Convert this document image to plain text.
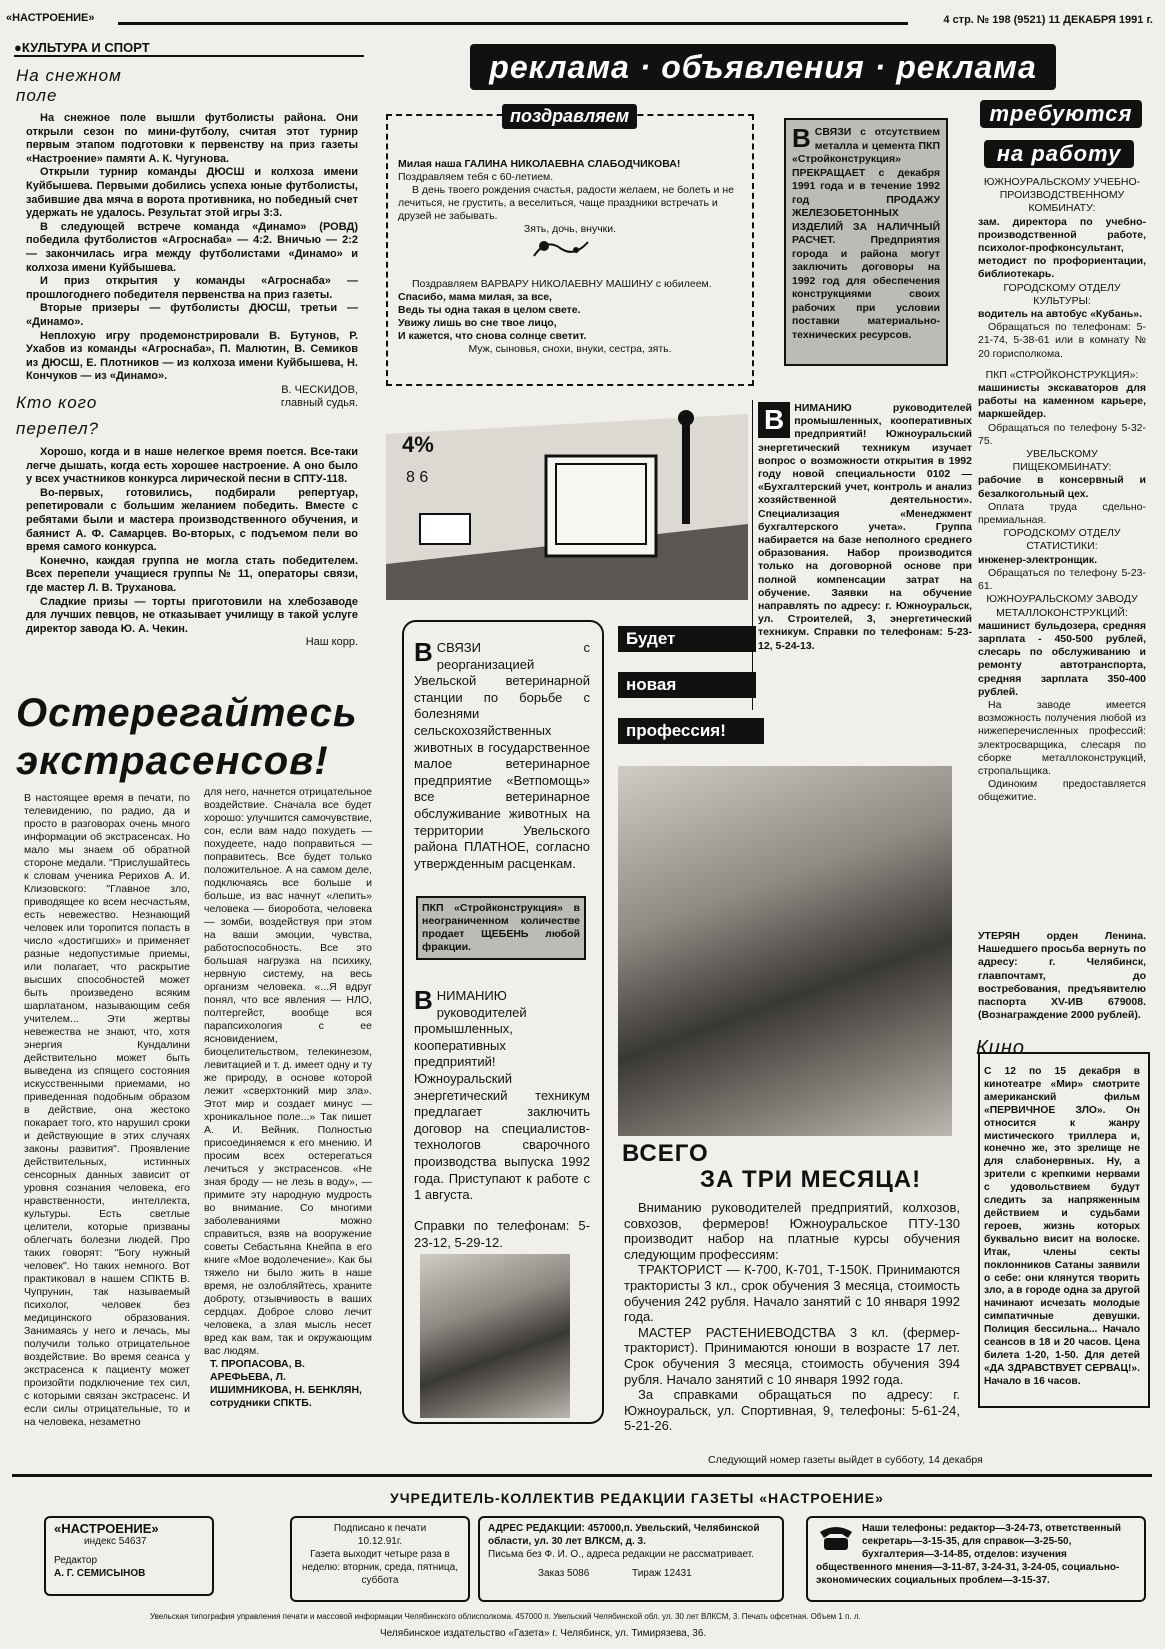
«НАСТРОЕНИЕ»	4 стр. № 198 (9521) 11 ДЕКАБРЯ 1991 г.
●КУЛЬТУРА И СПОРТ
На снежном поле

На снежное поле вышли футболисты района. Они открыли сезон по мини-футболу, считая этот турнир первым этапом подготовки к первенству на приз газеты «Настроение» памяти А. К. Чугунова.

Открыли турнир команды ДЮСШ и колхоза имени Куйбышева. Первыми добились успеха юные футболисты, забившие два мяча в ворота противника, но победный счет удержать не удалось. Результат этой игры 3:3.

В следующей встрече команда «Динамо» (РОВД) победила футболистов «Агроснаба» — 4:2. Вничью — 2:2 — закончилась игра между футболистами «Динамо» и колхоза имени Куйбышева.

И приз открытия у команды «Агроснаба» — прошлогоднего победителя первенства на приз газеты.

Вторые призеры — футболисты ДЮСШ, третьи — «Динамо».

Неплохую игру продемонстрировали В. Бутунов, Р. Ухабов из команды «Агроснаба», П. Малютин, В. Семиков из ДЮСШ, Е. Плотников — из колхоза имени Куйбышева, Н. Кончуков — из «Динамо».

В. ЧЕСКИДОВ,
главный судья.
Кто кого перепел?

Хорошо, когда и в наше нелегкое время поется. Все-таки легче дышать, когда есть хорошее настроение. А оно было у всех участников конкурса лирической песни в СПТУ-118.

Во-первых, готовились, подбирали репертуар, репетировали с большим желанием победить. Вместе с ребятами были и мастера производственного обучения, и баянист А. Ф. Самарцев. Во-вторых, с подъемом пели во время самого конкурса.

Конечно, каждая группа не могла стать победителем. Всех перепели учащиеся группы № 11, операторы связи, где мастер Л. В. Труханова.

Сладкие призы — торты приготовили на хлебозаводе для лучших певцов, не отказывает училищу в такой услуге директор завода Ю. А. Чекин.

Наш корр.
Остерегайтесь
экстрасенсов!
В настоящее время в печати, по телевидению, по радио, да и просто в разговорах очень много информации об экстрасенсах. Но мало мы знаем об обратной стороне медали. "Прислушайтесь к словам ученика Рерихов А. И. Клизовского: "Главное зло, приводящее ко всем несчастьям, есть невежество. Незнающий человек или торопится попасть в число «достигших» и применяет разные недопустимые приемы, или полагает, что раскрытие высших способностей может быть произведено всяким шарлатаном, называющим себя учителем... Эти жертвы невежества не знают, что, хотя энергия Кундалини действительно может быть выведена из спящего состояния искусственными приемами, но приведенная подобным образом в действие, она жестоко покарает того, кто нарушил сроки и действующие в этих случаях законы развития". Проявление действительных, истинных сенсорных данных зависит от уровня сознания человека, его нравственности, интеллекта, культуры. Есть светлые целители, которые призваны облегчать болезни людей. Про таких говорят: "Богу нужный человек". Но таких немного. Вот практиковал в нашем СПКТБ В. Чупрунин, так называемый психолог, человек без медицинского образования. Занимаясь у него и лечась, мы получили только отрицательное воздействие. Во время сеанса у экстрасенса к пациенту может произойти подключение тех сил, с которыми связан экстрасенс. И если силы отрицательные, то и на человека, незаметно
для него, начнется отрицательное воздействие. Сначала все будет хорошо: улучшится самочувствие, сон, если вам надо похудеть — похудеете, надо поправиться — поправитесь. Все будет только положительное. А на самом деле, подключаясь все больше и больше, из вас начнут «лепить» человека — биоробота, человека — зомби, воздействуя при этом на ваши эмоции, чувства, работоспособность. Все это большая нагрузка на психику, нервную систему, на весь организм человека. «...Я вдруг понял, что все явления — НЛО, полтергейст, вообще вся парапсихология с ее ясновидением, биоцелительством, телекинезом, левитацией и т. д. имеет одну и ту же природу, в основе которой лежит «сверхтонкий мир зла». Этот мир и создает минус —хроникальное поле...» Так пишет А. И. Вейник. Полностью присоединяемся к его мнению. И просим всех остерегаться лечиться у экстрасенсов. «Не зная броду — не лезь в воду», — примите эту народную мудрость во внимание. Со многими заболеваниями можно справиться, взяв на вооружение советы Себастьяна Кнейпа в его книге «Мое водолечение». Как бы тяжело ни было жить в наше время, не озлобляйтесь, храните доброту, отзывчивость в ваших сердцах. Доброе слово лечит человека, а злая мысль несет вред как вам, так и окружающим вас людям.
Т. ПРОПАСОВА, В. АРЕФЬЕВА, Л. ИШИМНИКОВА, Н. БЕНКЛЯН, сотрудники СПКТБ.
реклама · объявления · реклама
поздравляем
Милая наша ГАЛИНА НИКОЛАЕВНА СЛАБОДЧИКОВА!
Поздравляем тебя с 60-летием.
В день твоего рождения счастья, радости желаем, не болеть и не лечиться, не грустить, а веселиться, чаще праздники встречать и друзей не забывать.
Зять, дочь, внучки.
Поздравляем ВАРВАРУ НИКОЛАЕВНУ МАШИНУ с юбилеем.
Спасибо, мама милая, за все,
Ведь ты одна такая в целом свете.
Увижу лишь во сне твое лицо,
И кажется, что снова солнце светит.
Муж, сыновья, снохи, внуки, сестра, зять.
ВСВЯЗИ с отсутствием металла и цемента ПКП «Стройконструкция» ПРЕКРАЩАЕТ с декабря 1991 года и в течение 1992 год ПРОДАЖУ ЖЕЛЕЗОБЕТОННЫХ ИЗДЕЛИЙ ЗА НАЛИЧНЫЙ РАСЧЕТ. Предприятия города и района могут заключить договоры на 1992 год для обеспечения конструкциями своих рабочих при условии поставки материально-технических ресурсов.
требуются
на работу
ЮЖНОУРАЛЬСКОМУ УЧЕБНО-ПРОИЗВОДСТВЕННОМУ КОМБИНАТУ:
зам. директора по учебно-производственной работе, психолог-профконсультант, методист по профориентации, библиотекарь.
ГОРОДСКОМУ ОТДЕЛУ КУЛЬТУРЫ:
водитель на автобус «Кубань».
Обращаться по телефонам: 5-21-74, 5-38-61 или в комнату № 20 горисполкома.
ПКП «СТРОЙКОНСТРУКЦИЯ»:
машинисты экскаваторов для работы на каменном карьере, маркшейдер.
Обращаться по телефону 5-32-75.
УВЕЛЬСКОМУ ПИЩЕКОМБИНАТУ:
рабочие в консервный и безалкогольный цех.
Оплата труда сдельно-премиальная.
ГОРОДСКОМУ ОТДЕЛУ СТАТИСТИКИ:
инженер-электронщик.
Обращаться по телефону 5-23-61.
ЮЖНОУРАЛЬСКОМУ ЗАВОДУ МЕТАЛЛОКОНСТРУКЦИЙ:
машинист бульдозера, средняя зарплата - 450-500 рублей, слесарь по обслуживанию и ремонту автотранспорта, средняя зарплата 350-400 рублей.
На заводе имеется возможность получения любой из нижеперечисленных профессий: электросварщика, слесаря по сборке металлоконструкций, стропальщика.
Одиноким предоставляется общежитие.
УТЕРЯН орден Ленина. Нашедшего просьба вернуть по адресу: г. Челябинск, главпочтамт, до востребования, предъявителю паспорта XV-ИВ 679008. (Вознаграждение 2000 рублей).
Кино
С 12 по 15 декабря в кинотеатре «Мир» смотрите американский фильм «ПЕРВИЧНОЕ ЗЛО». Он относится к жанру мистического триллера и, конечно же, это зрелище не для слабонервных. Ну, а зрители с крепкими нервами с удовольствием будут следить за напряженным действием и судьбами героев, жизнь которых буквально висит на волоске. Итак, члены секты поклонников Сатаны заявили о себе: они клянутся творить зло, а в городе одна за другой начинают исчезать молодые симпатичные девушки. Полиция бессильна... Начало сеансов в 18 и 20 часов. Цена билета 1-20, 1-50. Для детей «ДА ЗДРАВСТВУЕТ СЕРВАЦ!». Начало в 16 часов.
4%
8 6
В НИМАНИЮ руководителей промышленных, кооперативных предприятий! Южноуральский энергетический техникум изучает вопрос о возможности открытия в 1992 году новой специальности 0102 — «Бухгалтерский учет, контроль и анализ хозяйственной деятельности». Специализация «Менеджмент бухгалтерского учета». Группа набирается на базе неполного среднего образования. Набор производится только на договорной основе при полной компенсации затрат на обучение. Заявки на обучение направлять по адресу: г. Южноуральск, ул. Строителей, 3, энергетический техникум. Справки по телефонам: 5-23-12, 5-24-13.
ВСВЯЗИ с реорганизацией Увельской ветеринарной станции по борьбе с болезнями сельскохозяйственных животных в государственное малое ветеринарное предприятие «Ветпомощь» все ветеринарное обслуживание животных на территории Увельского района ПЛАТНОЕ, согласно утвержденным расценкам.
ПКП «Стройконструкция» в неограниченном количестве продает ЩЕБЕНЬ любой фракции.
ВНИМАНИЮ руководителей промышленных, кооперативных предприятий! Южноуральский энергетический техникум предлагает заключить договор на специалистов-технологов сварочного производства выпуска 1992 года. Приступают к работе с 1 августа.
Справки по телефонам: 5-23-12, 5-29-12.
Будет
новая
профессия!
ВСЕГО
ЗА ТРИ МЕСЯЦА!

Вниманию руководителей предприятий, колхозов, совхозов, фермеров! Южноуральское ПТУ-130 производит набор на платные курсы обучения следующим профессиям:

ТРАКТОРИСТ — К-700, К-701, Т-150К. Принимаются трактористы 3 кл., срок обучения 3 месяца, стоимость обучения 242 рубля. Начало занятий с 10 января 1992 года.

МАСТЕР РАСТЕНИЕВОДСТВА 3 кл. (фермер-тракторист). Принимаются юноши в возрасте 17 лет. Срок обучения 3 месяца, стоимость обучения 394 рубля. Начало занятий с 10 января 1992 года.

За справками обращаться по адресу: г. Южноуральск, ул. Спортивная, 9, телефоны: 5-61-24, 5-21-26.

Следующий номер газеты выйдет в субботу, 14 декабря
УЧРЕДИТЕЛЬ-КОЛЛЕКТИВ РЕДАКЦИИ ГАЗЕТЫ «НАСТРОЕНИЕ»
«НАСТРОЕНИЕ»
индекс 54637
Редактор
А. Г. СЕМИСЫНОВ
Подписано к печати
10.12.91г.
Газета выходит четыре раза в неделю: вторник, среда, пятница, суббота
АДРЕС РЕДАКЦИИ: 457000,п. Увельский, Челябинской области, ул. 30 лет ВЛКСМ, д. 3.
Письма без Ф. И. О., адреса редакции не рассматривает.
Заказ 5086	Тираж 12431
Наши телефоны: редактор—3-24-73, ответственный секретарь—3-15-35, для справок—3-25-50, бухгалтерия—3-14-85, отделов: изучения общественного мнения—3-11-87, 3-24-31, 3-24-05, социально-экономических социальных проблем—3-15-37.
Увельская типография управления печати и массовой информации Челябинского облисполкома. 457000 п. Увельский Челябинской обл. ул. 30 лет ВЛКСМ, 3. Печать офсетная. Объем 1 п. л.
Челябинское издательство «Газета» г. Челябинск, ул. Тимирязева, 36.
